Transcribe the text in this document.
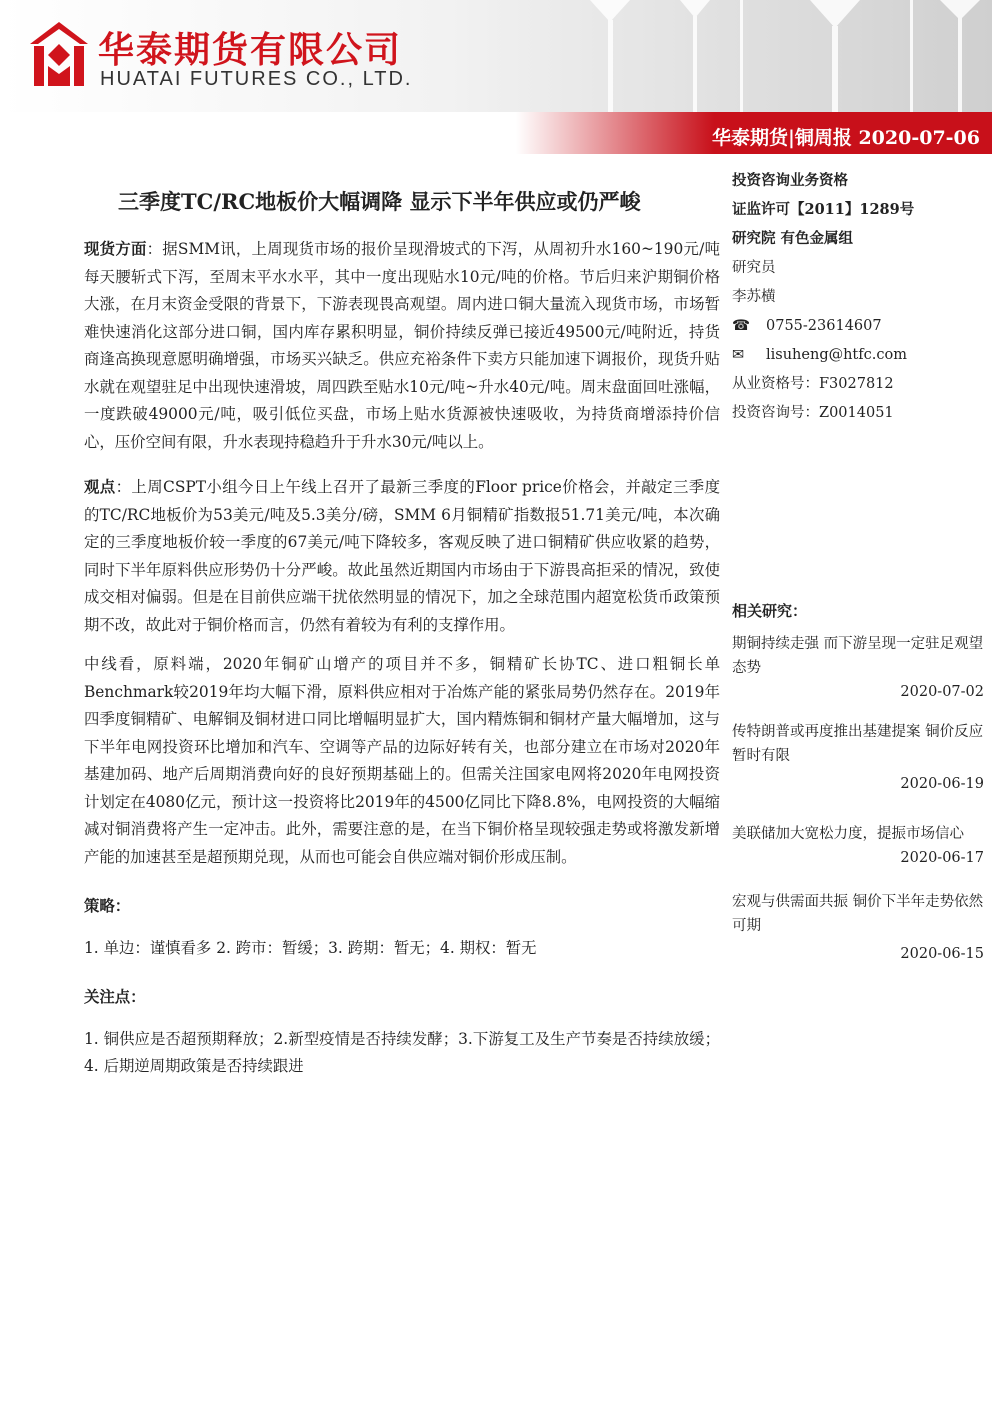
华泰期货有限公司
HUATAI FUTURES CO., LTD.
华泰期货|铜周报 2020-07-06
三季度TC/RC地板价大幅调降 显示下半年供应或仍严峻

现货方面：据SMM讯，上周现货市场的报价呈现滑坡式的下泻，从周初升水160~190元/吨每天腰斩式下泻，至周末平水水平，其中一度出现贴水10元/吨的价格。节后归来沪期铜价格大涨，在月末资金受限的背景下，下游表现畏高观望。周内进口铜大量流入现货市场，市场暂难快速消化这部分进口铜，国内库存累积明显，铜价持续反弹已接近49500元/吨附近，持货商逢高换现意愿明确增强，市场买兴缺乏。供应充裕条件下卖方只能加速下调报价，现货升贴水就在观望驻足中出现快速滑坡，周四跌至贴水10元/吨~升水40元/吨。周末盘面回吐涨幅，一度跌破49000元/吨，吸引低位买盘，市场上贴水货源被快速吸收，为持货商增添持价信心，压价空间有限，升水表现持稳趋升于升水30元/吨以上。

观点：上周CSPT小组今日上午线上召开了最新三季度的Floor price价格会，并敲定三季度的TC/RC地板价为53美元/吨及5.3美分/磅，SMM 6月铜精矿指数报51.71美元/吨，本次确定的三季度地板价较一季度的67美元/吨下降较多，客观反映了进口铜精矿供应收紧的趋势，同时下半年原料供应形势仍十分严峻。故此虽然近期国内市场由于下游畏高拒采的情况，致使成交相对偏弱。但是在目前供应端干扰依然明显的情况下，加之全球范围内超宽松货币政策预期不改，故此对于铜价格而言，仍然有着较为有利的支撑作用。

中线看，原料端，2020年铜矿山增产的项目并不多，铜精矿长协TC、进口粗铜长单Benchmark较2019年均大幅下滑，原料供应相对于冶炼产能的紧张局势仍然存在。2019年四季度铜精矿、电解铜及铜材进口同比增幅明显扩大，国内精炼铜和铜材产量大幅增加，这与下半年电网投资环比增加和汽车、空调等产品的边际好转有关，也部分建立在市场对2020年基建加码、地产后周期消费向好的良好预期基础上的。但需关注国家电网将2020年电网投资计划定在4080亿元，预计这一投资将比2019年的4500亿同比下降8.8%，电网投资的大幅缩减对铜消费将产生一定冲击。此外，需要注意的是，在当下铜价格呈现较强走势或将激发新增产能的加速甚至是超预期兑现，从而也可能会自供应端对铜价形成压制。

策略：

1. 单边：谨慎看多 2. 跨市：暂缓；3. 跨期：暂无；4. 期权：暂无

关注点：

1. 铜供应是否超预期释放；2.新型疫情是否持续发酵；3.下游复工及生产节奏是否持续放缓；4. 后期逆周期政策是否持续跟进

投资咨询业务资格
证监许可【2011】1289号
研究院 有色金属组
研究员
李苏横
☎ 0755-23614607
✉ lisuheng@htfc.com
从业资格号：F3027812
投资咨询号：Z0014051
相关研究：
期铜持续走强 而下游呈现一定驻足观望态势
2020-07-02
传特朗普或再度推出基建提案 铜价反应暂时有限
2020-06-19
美联储加大宽松力度，提振市场信心
2020-06-17
宏观与供需面共振 铜价下半年走势依然可期
2020-06-15
